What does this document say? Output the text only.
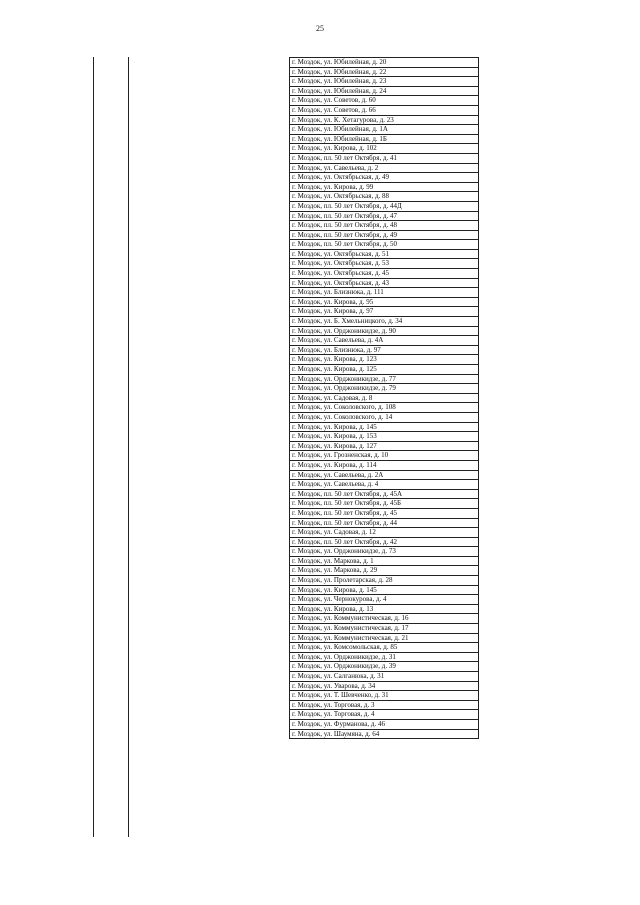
25
г. Моздок, ул. Юбилейная, д. 20
г. Моздок, ул. Юбилейная, д. 22
г. Моздок, ул. Юбилейная, д. 23
г. Моздок, ул. Юбилейная, д. 24
г. Моздок, ул. Советов, д. 60
г. Моздок, ул. Советов, д. 66
г. Моздок, ул. К. Хетагурова, д. 23
г. Моздок, ул. Юбилейная, д. 1А
г. Моздок, ул. Юбилейная, д. 1Б
г. Моздок, ул. Кирова, д. 102
г. Моздок, пл. 50 лет Октября, д. 41
г. Моздок, ул. Савельева, д. 2
г. Моздок, ул. Октябрьская, д. 49
г. Моздок, ул. Кирова, д. 99
г. Моздок, ул. Октябрьская, д. 88
г. Моздок, пл. 50 лет Октября, д. 44Д
г. Моздок, пл. 50 лет Октября, д. 47
г. Моздок, пл. 50 лет Октября, д. 48
г. Моздок, пл. 50 лет Октября, д. 49
г. Моздок, пл. 50 лет Октября, д. 50
г. Моздок, ул. Октябрьская, д. 51
г. Моздок, ул. Октябрьская, д. 53
г. Моздок, ул. Октябрьская, д. 45
г. Моздок, ул. Октябрьская, д. 43
г. Моздок, ул. Близнюка, д. 111
г. Моздок, ул. Кирова, д. 95
г. Моздок, ул. Кирова, д. 97
г. Моздок, ул. Б. Хмельницкого, д. 34
г. Моздок, ул. Орджоникидзе, д. 90
г. Моздок, ул. Савельева, д. 4А
г. Моздок, ул. Близнюка, д. 97
г. Моздок, ул. Кирова, д. 123
г. Моздок, ул. Кирова, д. 125
г. Моздок, ул. Орджоникидзе, д. 77
г. Моздок, ул. Орджоникидзе, д. 79
г. Моздок, ул. Садовая, д. 8
г. Моздок, ул. Соколовского, д. 108
г. Моздок, ул. Соколовского, д. 14
г. Моздок, ул. Кирова, д. 145
г. Моздок, ул. Кирова, д. 153
г. Моздок, ул. Кирова, д. 127
г. Моздок, ул. Грозненская, д. 10
г. Моздок, ул. Кирова, д. 114
г. Моздок, ул. Савельева, д. 2А
г. Моздок, ул. Савельева, д. 4
г. Моздок, пл. 50 лет Октября, д. 45А
г. Моздок, пл. 50 лет Октября, д. 45Б
г. Моздок, пл. 50 лет Октября, д. 45
г. Моздок, пл. 50 лет Октября, д. 44
г. Моздок, ул. Садовая, д. 12
г. Моздок, пл. 50 лет Октября, д. 42
г. Моздок, ул. Орджоникидзе, д. 73
г. Моздок, ул. Маркова, д. 1
г. Моздок, ул. Маркова, д. 29
г. Моздок, ул. Пролетарская, д. 28
г. Моздок, ул. Кирова, д. 145
г. Моздок, ул. Чернокурова, д. 4
г. Моздок, ул. Кирова, д. 13
г. Моздок, ул. Коммунистическая, д. 16
г. Моздок, ул. Коммунистическая, д. 17
г. Моздок, ул. Коммунистическая, д. 21
г. Моздок, ул. Комсомольская, д. 85
г. Моздок, ул. Орджоникидзе, д. 31
г. Моздок, ул. Орджоникидзе, д. 39
г. Моздок, ул. Салганюка, д. 31
г. Моздок, ул. Уварова, д. 34
г. Моздок, ул. Т. Шевченко, д. 31
г. Моздок, ул. Торговая, д. 3
г. Моздок, ул. Торговая, д. 4
г. Моздок, ул. Фурманова, д. 46
г. Моздок, ул. Шаумяна, д. 64
